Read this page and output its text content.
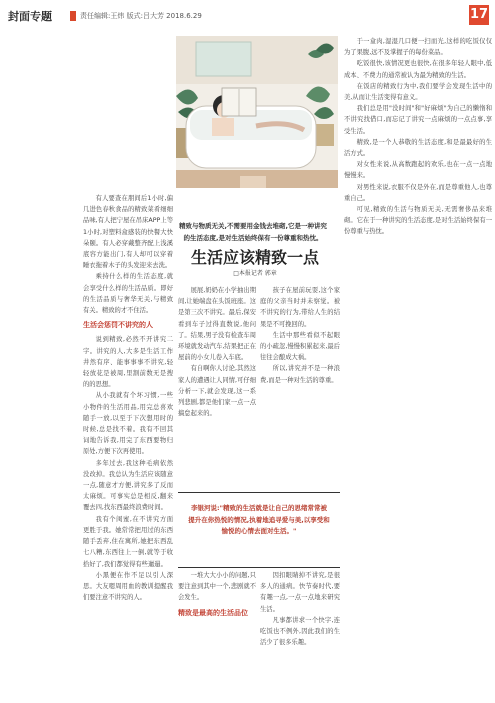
封面专题	责任编辑:王炜 版式:吕大芳 2018.6.29	17

有人要查在朋间后1小时,偏几进色春秋食品的精致菜肴细细品味,有人把宁屋在吊床APP上等1小时,对塑料盒感装的快餐大快朵颐。有人必穿戴整齐配上浅溪底容方能出门,有人却可以穿着睡衣拖着木子的头发迎来去洗。

乘持什么样的生活态度,就会享受什么样的生活品质。即好的生活品质与奢华无关,与精致有关。精致的才不住活。

生活会惩罚不讲究的人

说到精致,必然不开讲究二字。讲究的人,大多是生活工作井然有序、能事事事不讲究,轻轻放花是被周,里割前数无是搜的的思想。

从小我就有个坏习惯,一些小物件的生活用品,用完总喜欢随手一放,以至于下次想用时的时候,总是找不着。我有不回其词地告诉我,用完了东西要物归原处,方便下次再使用。

多年过去,我这种毛病依然没改掉。我总认为生活应该随意一点,随意才方便,讲究多了反而太麻烦。可事实总是相反,翻来覆去四,找东西最终浪费时间。

我有个闺蜜,在不讲究方面更胜于我。她常常把用过的东西随手丢弃,住在寓所,她把东西乱七八糟,东西往上一倒,就等于收拾好了,我们都觉得有些邋遢。

小黑便在作不足以引人深思。大友嗯周用血的教训提醒我们要注意不讲究的人。

精致与物质无关,不需要用金钱去堆砌,它是一种讲究的生活态度,是对生活始终保有一份尊重和热忱。
生活应该精致一点
□本报记者 郭章

展展,奶奶在小学抽出期间,让她端盘在头饭班座。这是第三次不讲究。最后,保安看到车子过得直数说,他问了。结果,男子没有检查车周环境就发动汽车,结果把正在屋前的小女儿卷入车底。

有自啊你人讨论,其然这家人的遭遇让人同情,可仔细分析一下,就会发现,这一系列悲剧,都是他们家一点一点搞怠起来的。

孩子在屋前玩耍,这个家庭的父亲当时并未察觉。被不讲究的行为,带给人生的结果是不可挽回的。

生活中那些看似不起眼的小疏忽,慢慢积累起来,最后往往会酿成大祸。

所以,讲究并不是一种浪费,而是一种对生活的尊重。

李银河说:"精致的生活就是让自己的思绪常常被提升在你热悦的情况,执着地追寻爱与美,以享受和愉悦的心情去面对生活。"

一堆大大小小的问题,只要注意到其中一个,悲剧就不会发生。

精致是最高的生活品位

因扣眼睛掉不讲究,是很多人的通病。快节奏时代,要有趣一点,一点一点地来研究生活。

凡事都讲求一个快字,连吃饭也不例外,因此我们的生活少了很多乐趣。

于一盒肉,湿湿几口便一扫而光,这样的吃饭仅仅为了果腹,远不及掌握子的每份菜品。

吃饭很快,该情况更也很快,在很多年轻人眼中,低成本、不费力的通常被认为最为精致的生活。

在饭店的精致行为中,我们要学会发现生活中的美,从而让生活变得有意义。

我们总是用"没时间"和"好麻烦"为自己的懒惰和不讲究找借口,而忘记了讲究一点麻烦的一点点事,享受生活。

精致,是一个人恭敬的生活态度,和是最最好的生活方式。

对女性来说,从高数跑起的欢乐,也在一点一点地慢慢来。

对男性来说,衣服不仅是外在,而是尊重他人,也尊重自己。

可见,精致的生活与物质无关,无需奢侈品来堆砌。它在于一种讲究的生活态度,是对生活始终保有一份尊重与热忱。
